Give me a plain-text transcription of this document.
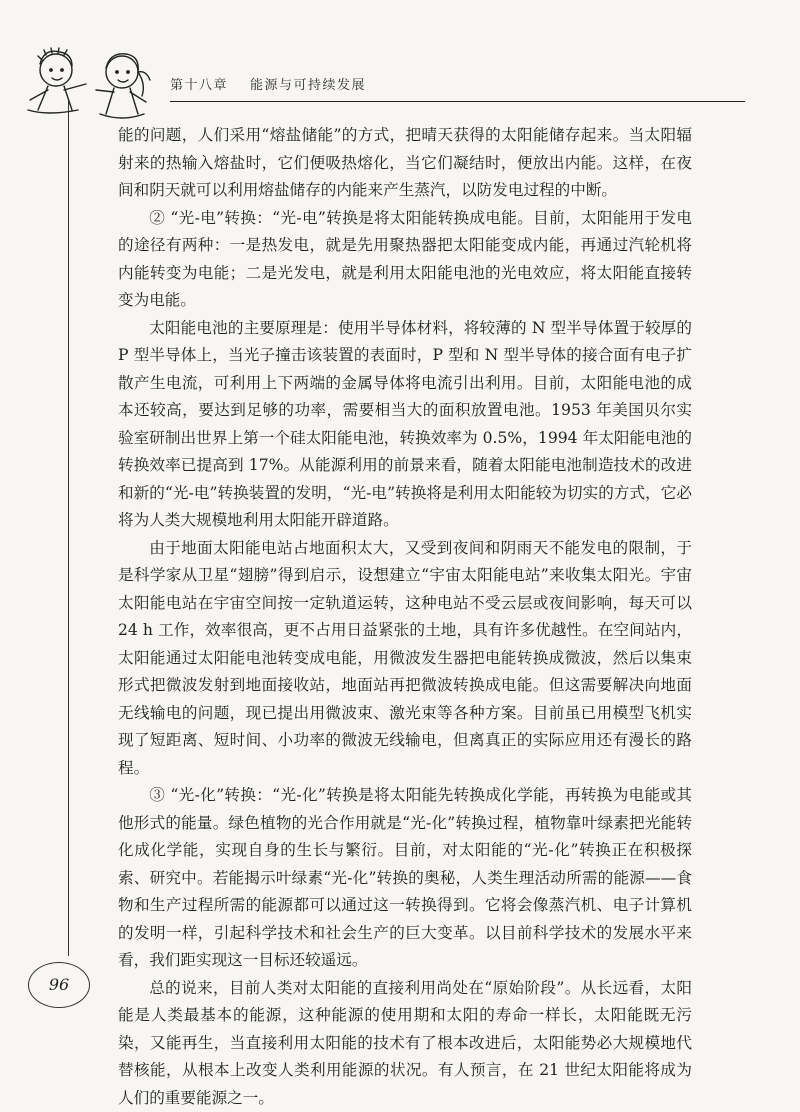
第十八章 能源与可持续发展

能的问题，人们采用“熔盐储能”的方式，把晴天获得的太阳能储存起来。当太阳辐射来的热输入熔盐时，它们便吸热熔化，当它们凝结时，便放出内能。这样，在夜间和阴天就可以利用熔盐储存的内能来产生蒸汽，以防发电过程的中断。

② “光-电”转换：“光-电”转换是将太阳能转换成电能。目前，太阳能用于发电的途径有两种：一是热发电，就是先用聚热器把太阳能变成内能，再通过汽轮机将内能转变为电能；二是光发电，就是利用太阳能电池的光电效应，将太阳能直接转变为电能。

太阳能电池的主要原理是：使用半导体材料，将较薄的 N 型半导体置于较厚的 P 型半导体上，当光子撞击该装置的表面时，P 型和 N 型半导体的接合面有电子扩散产生电流，可利用上下两端的金属导体将电流引出利用。目前，太阳能电池的成本还较高，要达到足够的功率，需要相当大的面积放置电池。1953 年美国贝尔实验室研制出世界上第一个硅太阳能电池，转换效率为 0.5%，1994 年太阳能电池的转换效率已提高到 17%。从能源利用的前景来看，随着太阳能电池制造技术的改进和新的“光-电”转换装置的发明，“光-电”转换将是利用太阳能较为切实的方式，它必将为人类大规模地利用太阳能开辟道路。

由于地面太阳能电站占地面积太大，又受到夜间和阴雨天不能发电的限制，于是科学家从卫星“翅膀”得到启示，设想建立“宇宙太阳能电站”来收集太阳光。宇宙太阳能电站在宇宙空间按一定轨道运转，这种电站不受云层或夜间影响，每天可以 24 h 工作，效率很高，更不占用日益紧张的土地，具有许多优越性。在空间站内，太阳能通过太阳能电池转变成电能，用微波发生器把电能转换成微波，然后以集束形式把微波发射到地面接收站，地面站再把微波转换成电能。但这需要解决向地面无线输电的问题，现已提出用微波束、激光束等各种方案。目前虽已用模型飞机实现了短距离、短时间、小功率的微波无线输电，但离真正的实际应用还有漫长的路程。

③ “光-化”转换：“光-化”转换是将太阳能先转换成化学能，再转换为电能或其他形式的能量。绿色植物的光合作用就是“光-化”转换过程，植物靠叶绿素把光能转化成化学能，实现自身的生长与繁衍。目前，对太阳能的“光-化”转换正在积极探索、研究中。若能揭示叶绿素“光-化”转换的奥秘，人类生理活动所需的能源——食物和生产过程所需的能源都可以通过这一转换得到。它将会像蒸汽机、电子计算机的发明一样，引起科学技术和社会生产的巨大变革。以目前科学技术的发展水平来看，我们距实现这一目标还较遥远。

总的说来，目前人类对太阳能的直接利用尚处在“原始阶段”。从长远看，太阳能是人类最基本的能源，这种能源的使用期和太阳的寿命一样长，太阳能既无污染，又能再生，当直接利用太阳能的技术有了根本改进后，太阳能势必大规模地代替核能，从根本上改变人类利用能源的状况。有人预言，在 21 世纪太阳能将成为人们的重要能源之一。

96
